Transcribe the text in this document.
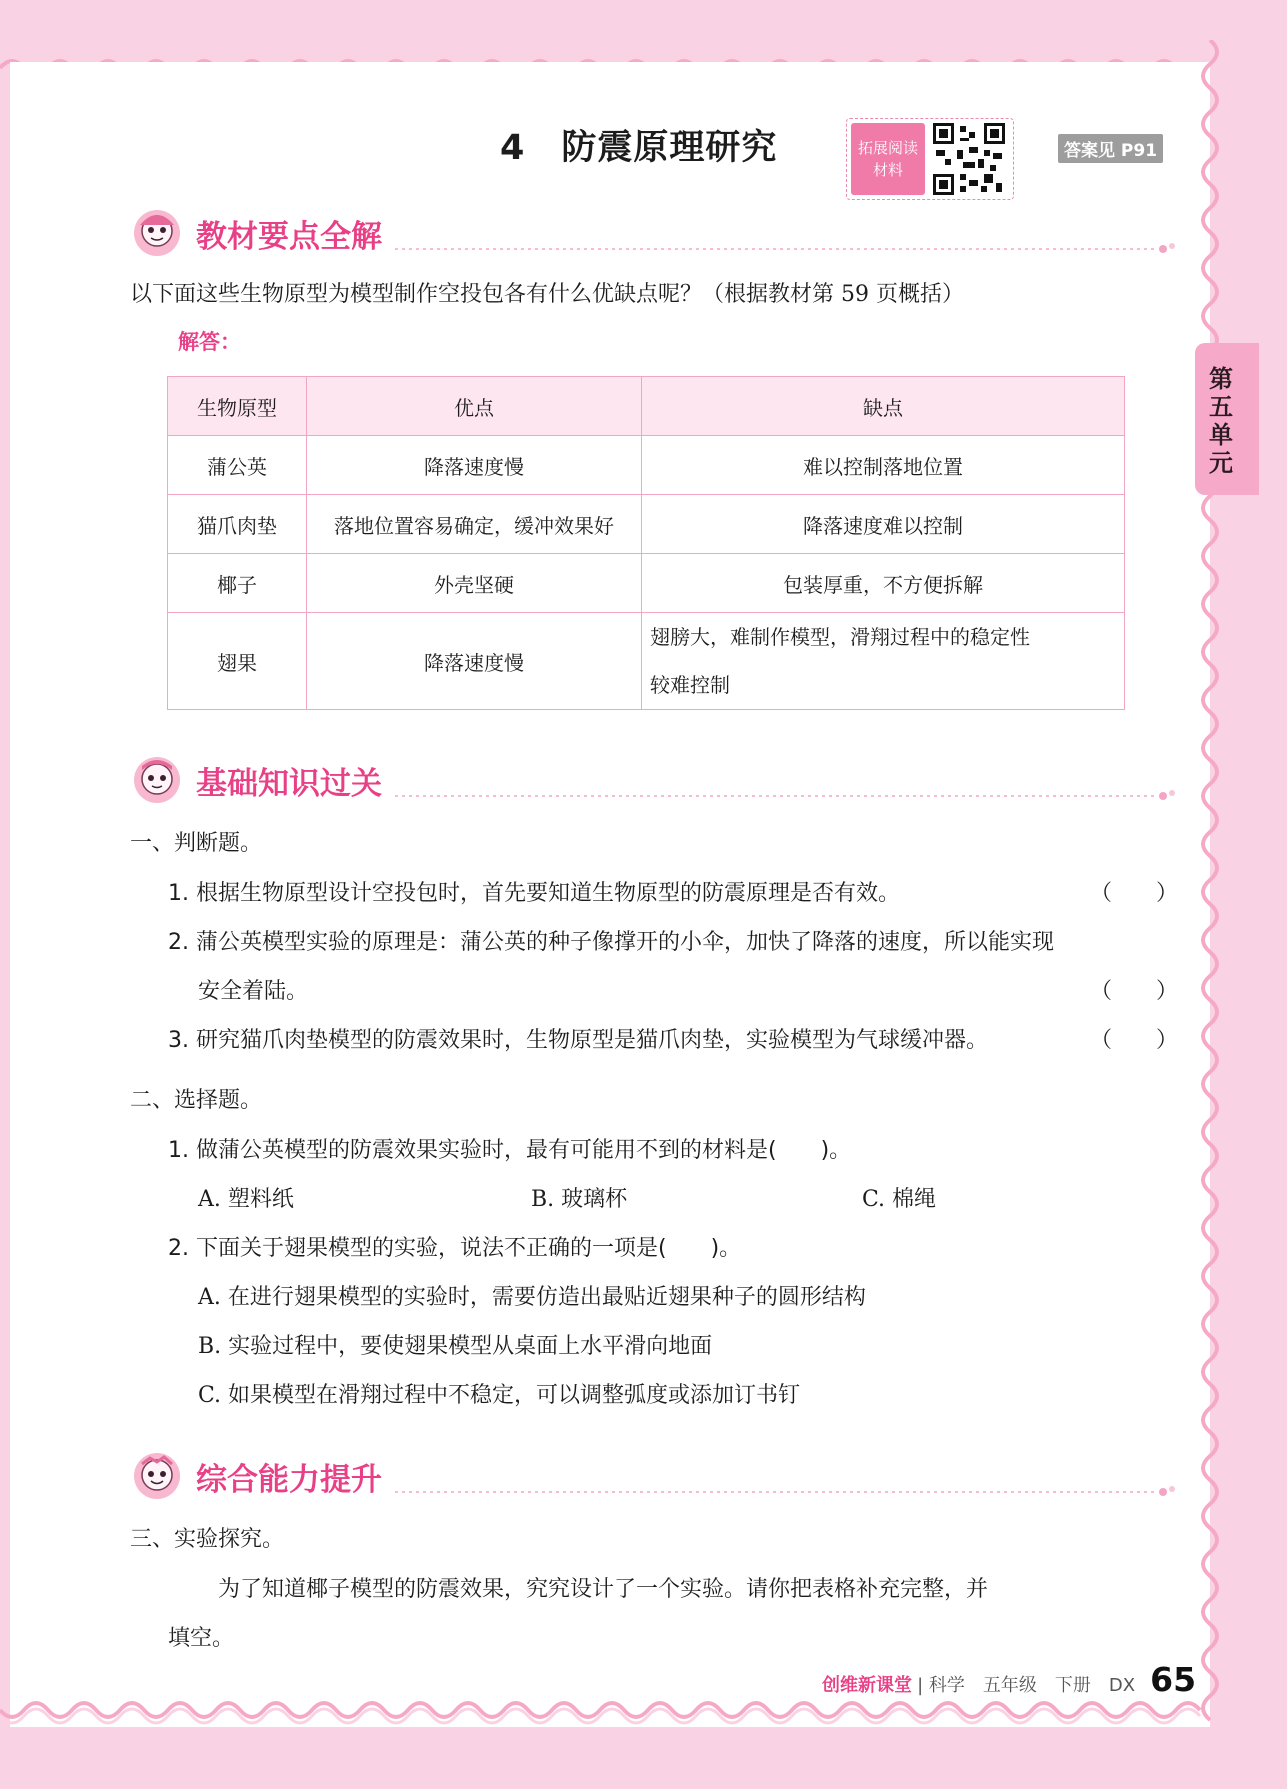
第五单元
4　防震原理研究	拓展阅读
材料
答案见 P91
教材要点全解
以下面这些生物原型为模型制作空投包各有什么优缺点呢？（根据教材第 59 页概括）
解答：
生物原型	优点	缺点
蒲公英	降落速度慢	难以控制落地位置
猫爪肉垫	落地位置容易确定，缓冲效果好	降落速度难以控制
椰子	外壳坚硬	包装厚重，不方便拆解
翅果	降落速度慢	翅膀大，难制作模型，滑翔过程中的稳定性
较难控制
基础知识过关
一、判断题。
1. 根据生物原型设计空投包时，首先要知道生物原型的防震原理是否有效。	（　　）
2. 蒲公英模型实验的原理是：蒲公英的种子像撑开的小伞，加快了降落的速度，所以能实现
安全着陆。	（　　）
3. 研究猫爪肉垫模型的防震效果时，生物原型是猫爪肉垫，实验模型为气球缓冲器。	（　　）
二、选择题。
1. 做蒲公英模型的防震效果实验时，最有可能用不到的材料是(　　)。
A. 塑料纸	B. 玻璃杯	C. 棉绳
2. 下面关于翅果模型的实验，说法不正确的一项是(　　)。
A. 在进行翅果模型的实验时，需要仿造出最贴近翅果种子的圆形结构
B. 实验过程中，要使翅果模型从桌面上水平滑向地面
C. 如果模型在滑翔过程中不稳定，可以调整弧度或添加订书钉
综合能力提升
三、实验探究。
为了知道椰子模型的防震效果，究究设计了一个实验。请你把表格补充完整，并
填空。
创维新课堂 | 科学　五年级　下册　DX 65
